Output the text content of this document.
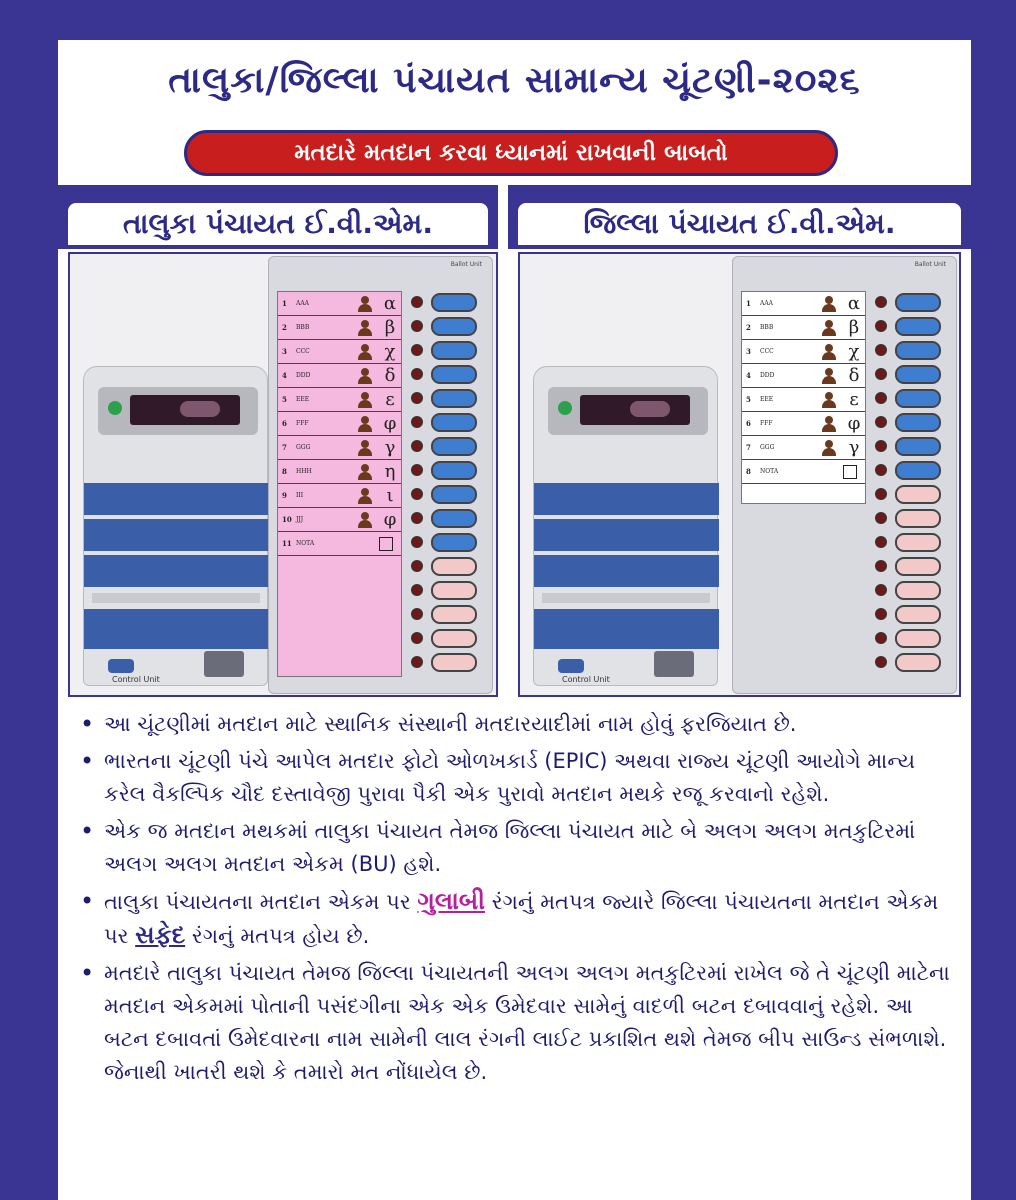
તાલુકા/જિલ્લા પંચાયત સામાન્ય ચૂંટણી-૨૦૨૬
મતદારે મતદાન કરવા ધ્યાનમાં રાખવાની બાબતો
તાલુકા પંચાયત ઈ.વી.એમ.	જિલ્લા પંચાયત ઈ.વી.એમ.
Control Unit
Ballot Unit
1	AAA	α
2	BBB	β
3	CCC	χ
4	DDD	δ
5	EEE	ε
6	FFF	φ
7	GGG	γ
8	HHH	η
9	III	ι
10 JJJ	φ
11 NOTA
Control Unit
Ballot Unit
1	AAA	α
2	BBB	β
3	CCC	χ
4	DDD	δ
5	EEE	ε
6	FFF	φ
7	GGG	γ
8	NOTA
• આ ચૂંટણીમાં મતદાન માટે સ્થાનિક સંસ્થાની મતદારયાદીમાં નામ હોવું ફરજિયાત છે.
• ભારતના ચૂંટણી પંચે આપેલ મતદાર ફોટો ઓળખકાર્ડ (EPIC) અથવા રાજ્ય ચૂંટણી આયોગે માન્ય કરેલ વૈકલ્પિક ચૌદ દસ્તાવેજી પુરાવા પૈકી એક પુરાવો મતદાન મથકે રજૂ કરવાનો રહેશે.
• એક જ મતદાન મથકમાં તાલુકા પંચાયત તેમજ જિલ્લા પંચાયત માટે બે અલગ અલગ મતકુટિરમાં અલગ અલગ મતદાન એકમ (BU) હશે.
• તાલુકા પંચાયતના મતદાન એકમ પર ગુલાબી રંગનું મતપત્ર જ્યારે જિલ્લા પંચાયતના મતદાન એકમ પર સફેદ રંગનું મતપત્ર હોય છે.
• મતદારે તાલુકા પંચાયત તેમજ જિલ્લા પંચાયતની અલગ અલગ મતકુટિરમાં રાખેલ જે તે ચૂંટણી માટેના મતદાન એકમમાં પોતાની પસંદગીના એક એક ઉમેદવાર સામેનું વાદળી બટન દબાવવાનું રહેશે. આ બટન દબાવતાં ઉમેદવારના નામ સામેની લાલ રંગની લાઈટ પ્રકાશિત થશે તેમજ બીપ સાઉન્ડ સંભળાશે. જેનાથી ખાતરી થશે કે તમારો મત નોંધાયેલ છે.
